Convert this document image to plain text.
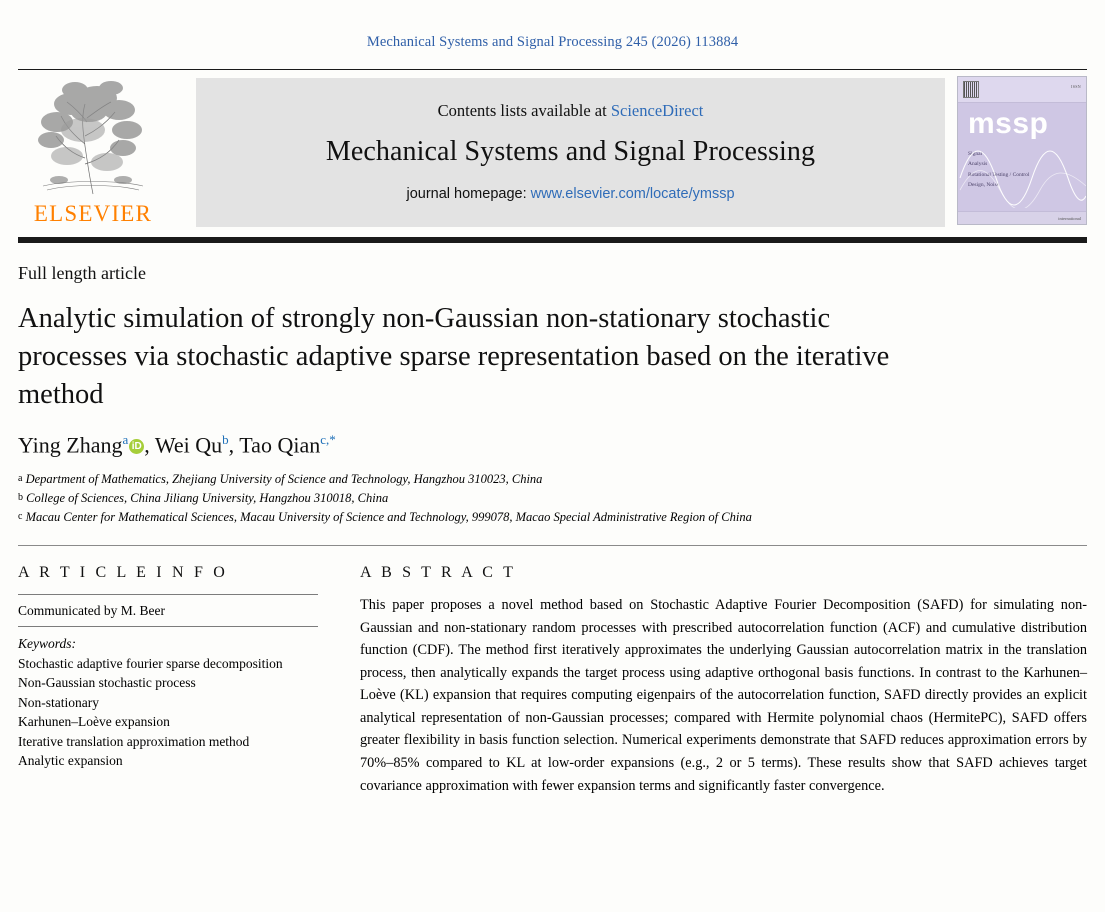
Mechanical Systems and Signal Processing 245 (2026) 113884
ELSEVIER
Contents lists available at ScienceDirect
Mechanical Systems and Signal Processing
journal homepage: www.elsevier.com/locate/ymssp
ISSN
mssp
Signal
Analysis
Rotational Testing / Control
Design, Noise
international
Full length article
Analytic simulation of strongly non-Gaussian non-stationary stochastic processes via stochastic adaptive sparse representation based on the iterative method
Ying Zhang$^a$ iD , Wei Qu$^b$, Tao Qian$^{c,*}$
a Department of Mathematics, Zhejiang University of Science and Technology, Hangzhou 310023, China
b College of Sciences, China Jiliang University, Hangzhou 310018, China
c Macau Center for Mathematical Sciences, Macau University of Science and Technology, 999078, Macao Special Administrative Region of China
A R T I C L E I N F O
Communicated by M. Beer
Keywords:
Stochastic adaptive fourier sparse decomposition
Non-Gaussian stochastic process
Non-stationary
Karhunen–Loève expansion
Iterative translation approximation method
Analytic expansion
A B S T R A C T

This paper proposes a novel method based on Stochastic Adaptive Fourier Decomposition (SAFD) for simulating non-Gaussian and non-stationary random processes with prescribed autocorrelation function (ACF) and cumulative distribution function (CDF). The method first iteratively approximates the underlying Gaussian autocorrelation matrix in the translation process, then analytically expands the target process using adaptive orthogonal basis functions. In contrast to the Karhunen–Loève (KL) expansion that requires computing eigenpairs of the autocorrelation function, SAFD directly provides an explicit analytical representation of non-Gaussian processes; compared with Hermite polynomial chaos (HermitePC), SAFD offers greater flexibility in basis function selection. Numerical experiments demonstrate that SAFD reduces approximation errors by 70%–85% compared to KL at low-order expansions (e.g., 2 or 5 terms). These results show that SAFD achieves target covariance approximation with fewer expansion terms and significantly faster convergence.
